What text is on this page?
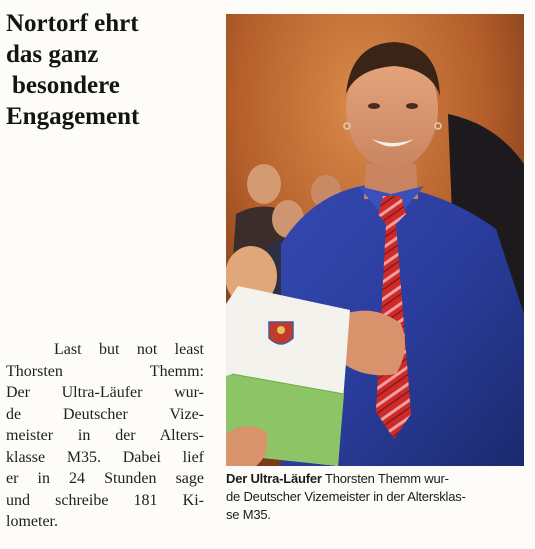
Nortorf ehrt
das ganz
besondere
Engagement
Last but not least
Thorsten Themm:
Der Ultra-Läufer wur-
de Deutscher Vize-
meister in der Alters-
klasse M35. Dabei lief
er in 24 Stunden sage
und schreibe 181 Ki-
lometer.
Der Ultra-Läufer Thorsten Themm wur-
de Deutscher Vizemeister in der Altersklas-
se M35.
